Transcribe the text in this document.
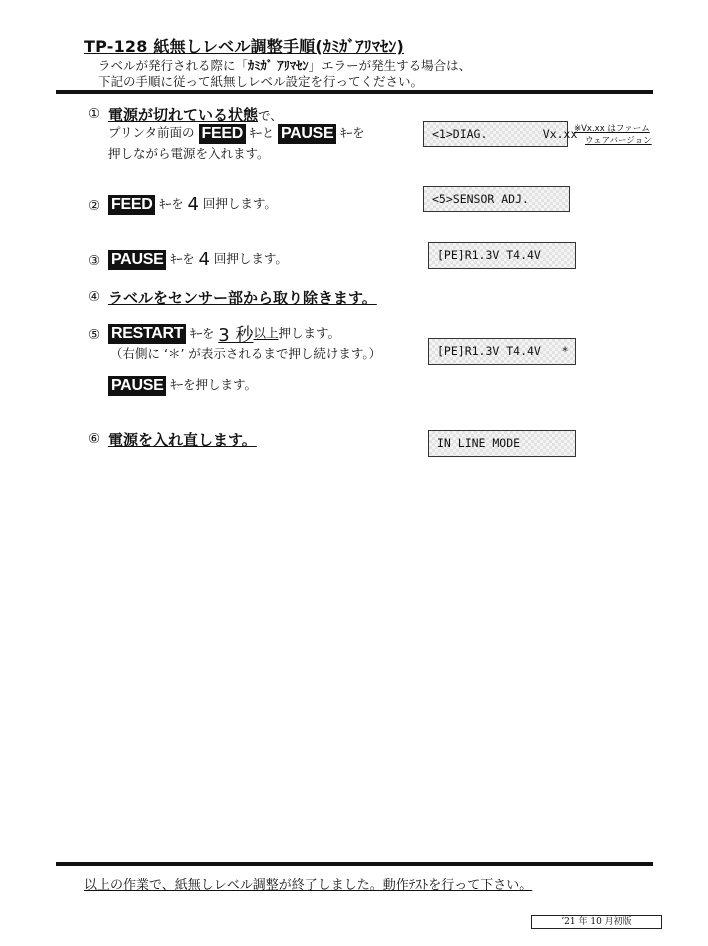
TP-128 紙無しレベル調整手順(ｶﾐｶﾞｱﾘﾏｾﾝ)
ラベルが発行される際に「ｶﾐｶﾞ ｱﾘﾏｾﾝ」エラーが発生する場合は、
下記の手順に従って紙無しレベル設定を行ってください。
① 電源が切れている状態で、
プリンタ前面の FEED ｷｰと PAUSE ｷｰを
押しながら電源を入れます。
<1>DIAG.        Vx.xx
※Vx.xx はファーム
ウェアバージョン
② FEED ｷｰを 4 回押します。	<5>SENSOR ADJ.
③ PAUSE ｷｰを 4 回押します。	[PE]R1.3V T4.4V
④ ラベルをセンサー部から取り除きます。
⑤ RESTART ｷｰを 3 秒以上押します。
（右側に ‘＊’ が表示されるまで押し続けます。）	[PE]R1.3V T4.4V   *
PAUSE ｷｰを押します。
⑥ 電源を入れ直します。	IN LINE MODE
以上の作業で、紙無しレベル調整が終了しました。動作ﾃｽﾄを行って下さい。
’21 年 10 月初版
